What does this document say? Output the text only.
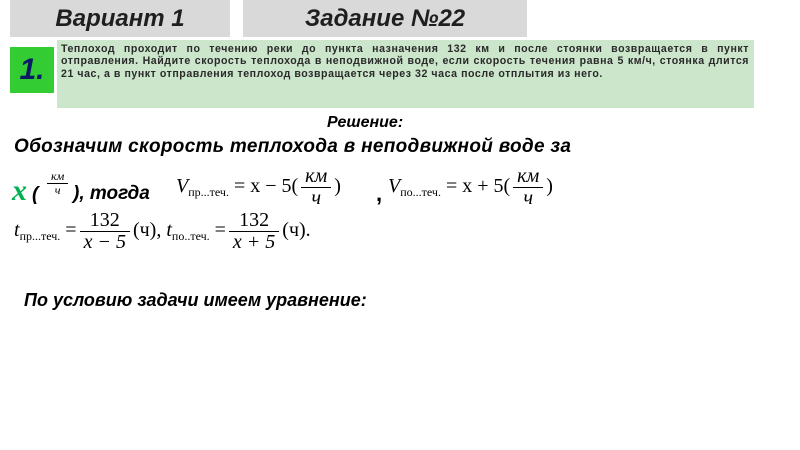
Вариант 1	Задание №22
1.
Теплоход проходит по течению реки до пункта назначения 132 км и после стоянки возвращается в пункт отправления. Найдите скорость теплохода в неподвижной воде, если скорость течения равна 5 км/ч, стоянка длится 21 час, а в пункт отправления теплоход возвращается через 32 часа после отплытия из него.
Решение:
Обозначим скорость теплохода в неподвижной воде за
х ( $\frac{км}{ч}$ ), тогда $V_{пр...теч.} = x - 5( \frac{км}{ч}$ ) , $V_{по...теч.} = x + 5( \frac{км}{ч}$ )
$t_{пр...теч.} = \frac{132}{x - 5} (ч)$, $t_{по..теч.} = \frac{132}{x + 5} (ч)$.
По условию задачи имеем уравнение:
